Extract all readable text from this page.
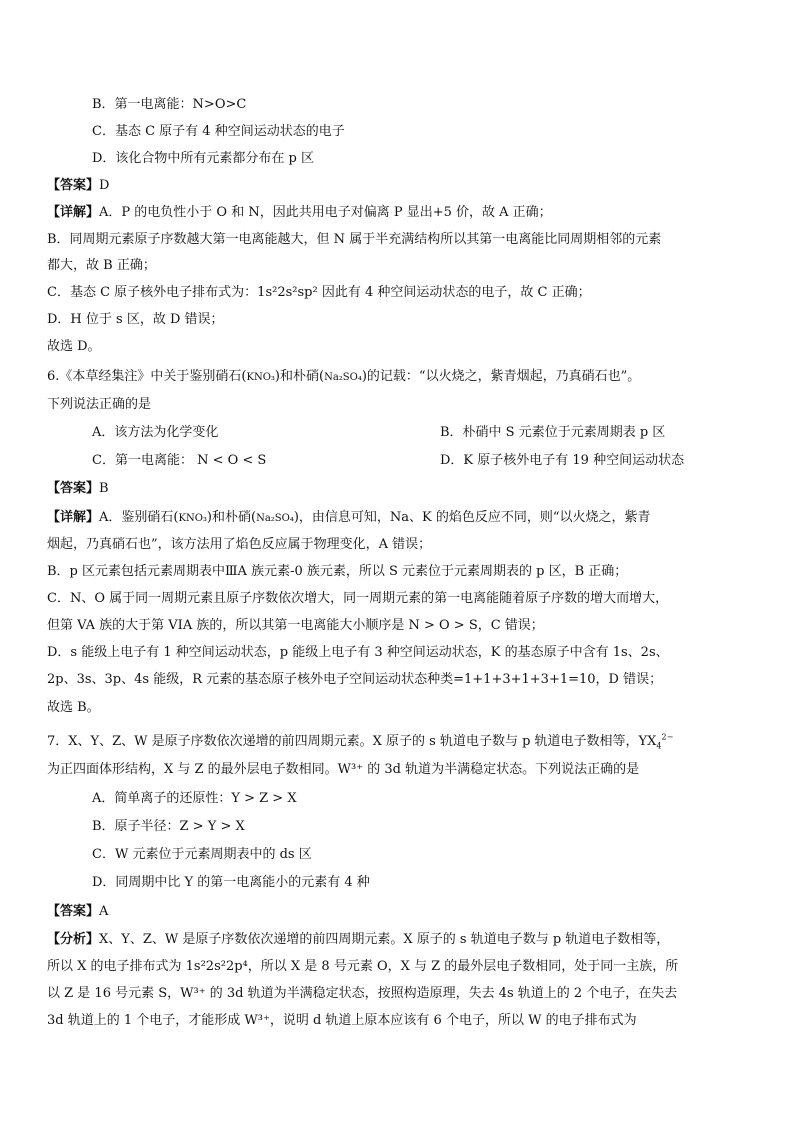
B．第一电离能：N>O>C
C．基态 C 原子有 4 种空间运动状态的电子
D．该化合物中所有元素都分布在 p 区
【答案】D
【详解】A．P 的电负性小于 O 和 N，因此共用电子对偏离 P 显出+5 价，故 A 正确；
B．同周期元素原子序数越大第一电离能越大，但 N 属于半充满结构所以其第一电离能比同周期相邻的元素
都大，故 B 正确；
C．基态 C 原子核外电子排布式为：1s²2s²sp² 因此有 4 种空间运动状态的电子，故 C 正确；
D．H 位于 s 区，故 D 错误；
故选 D。
6.《本草经集注》中关于鉴别硝石(KNO₃)和朴硝(Na₂SO₄)的记载：“以火烧之，紫青烟起，乃真硝石也”。
下列说法正确的是
A．该方法为化学变化	B．朴硝中 S 元素位于元素周期表 p 区
C．第一电离能： N < O < S	D．K 原子核外电子有 19 种空间运动状态
【答案】B
【详解】A．鉴别硝石(KNO₃)和朴硝(Na₂SO₄)，由信息可知，Na、K 的焰色反应不同，则“以火烧之，紫青
烟起，乃真硝石也”，该方法用了焰色反应属于物理变化，A 错误；
B．p 区元素包括元素周期表中ⅢA 族元素-0 族元素，所以 S 元素位于元素周期表的 p 区，B 正确；
C．N、O 属于同一周期元素且原子序数依次增大，同一周期元素的第一电离能随着原子序数的增大而增大，
但第 VA 族的大于第 VIA 族的，所以其第一电离能大小顺序是 N > O > S，C 错误；
D．s 能级上电子有 1 种空间运动状态，p 能级上电子有 3 种空间运动状态，K 的基态原子中含有 1s、2s、
2p、3s、3p、4s 能级，R 元素的基态原子核外电子空间运动状态种类=1+1+3+1+3+1=10，D 错误；
故选 B。
7．X、Y、Z、W 是原子序数依次递增的前四周期元素。X 原子的 s 轨道电子数与 p 轨道电子数相等，$YX_4^{2-}$
为正四面体形结构，X 与 Z 的最外层电子数相同。W³⁺ 的 3d 轨道为半满稳定状态。下列说法正确的是
A．简单离子的还原性：Y > Z > X
B．原子半径：Z > Y > X
C．W 元素位于元素周期表中的 ds 区
D．同周期中比 Y 的第一电离能小的元素有 4 种
【答案】A
【分析】X、Y、Z、W 是原子序数依次递增的前四周期元素。X 原子的 s 轨道电子数与 p 轨道电子数相等，
所以 X 的电子排布式为 1s²2s²2p⁴，所以 X 是 8 号元素 O，X 与 Z 的最外层电子数相同，处于同一主族，所
以 Z 是 16 号元素 S，W³⁺ 的 3d 轨道为半满稳定状态，按照构造原理，失去 4s 轨道上的 2 个电子，在失去
3d 轨道上的 1 个电子，才能形成 W³⁺，说明 d 轨道上原本应该有 6 个电子，所以 W 的电子排布式为
